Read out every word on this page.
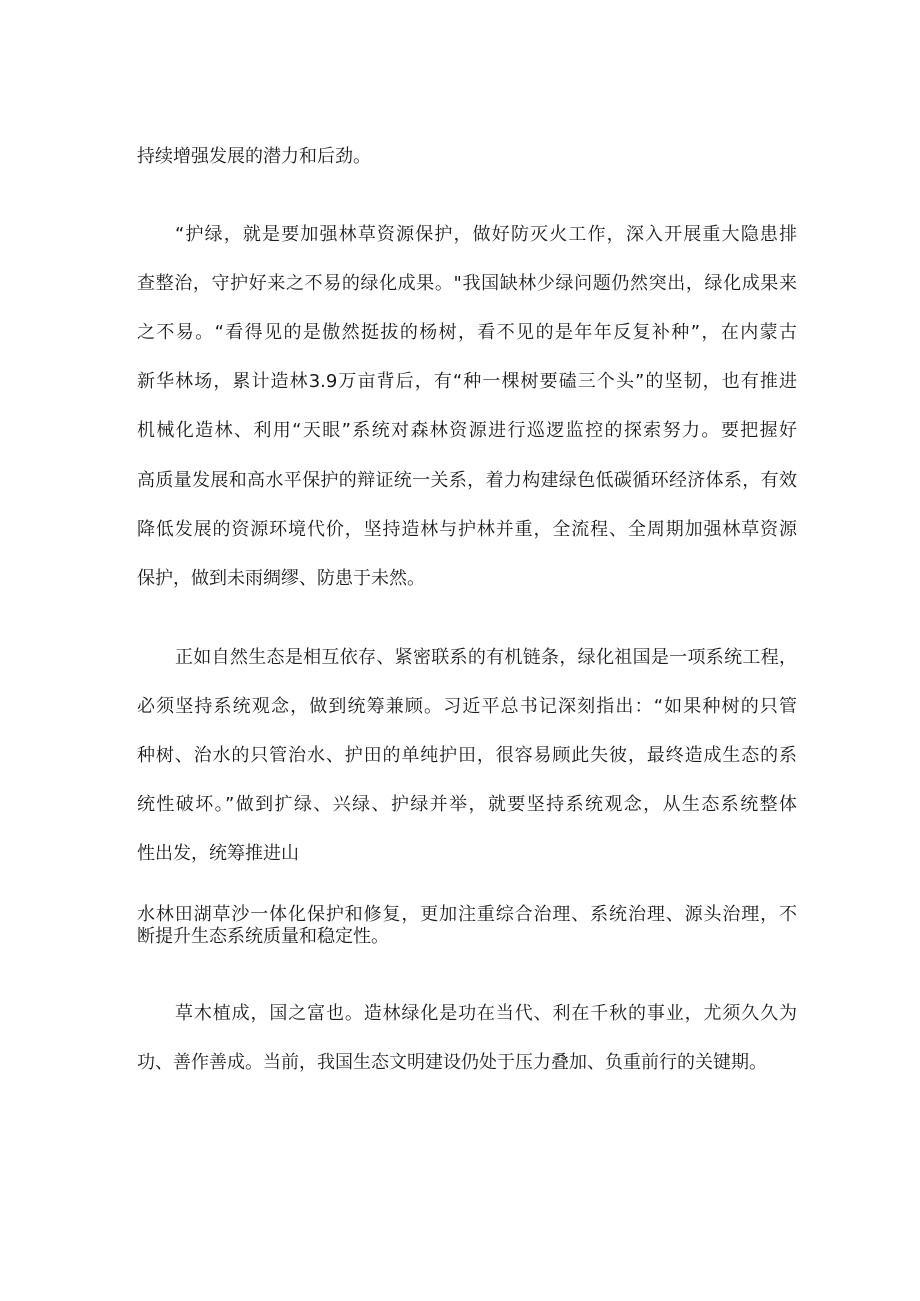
持续增强发展的潜力和后劲。
“护绿，就是要加强林草资源保护，做好防灭火工作，深入开展重大隐患排
查整治，守护好来之不易的绿化成果。"我国缺林少绿问题仍然突出，绿化成果来
之不易。“看得见的是傲然挺拔的杨树，看不见的是年年反复补种”，在内蒙古
新华林场，累计造林3.9万亩背后，有“种一棵树要磕三个头”的坚韧，也有推进
机械化造林、利用“天眼”系统对森林资源进行巡逻监控的探索努力。要把握好
高质量发展和高水平保护的辩证统一关系，着力构建绿色低碳循环经济体系，有效
降低发展的资源环境代价，坚持造林与护林并重，全流程、全周期加强林草资源
保护，做到未雨绸缪、防患于未然。
正如自然生态是相互依存、紧密联系的有机链条，绿化祖国是一项系统工程，
必须坚持系统观念，做到统筹兼顾。习近平总书记深刻指出：“如果种树的只管
种树、治水的只管治水、护田的单纯护田，很容易顾此失彼，最终造成生态的系
统性破坏。”做到扩绿、兴绿、护绿并举，就要坚持系统观念，从生态系统整体
性出发，统筹推进山
水林田湖草沙一体化保护和修复，更加注重综合治理、系统治理、源头治理，不
断提升生态系统质量和稳定性。
草木植成，国之富也。造林绿化是功在当代、利在千秋的事业，尤须久久为
功、善作善成。当前，我国生态文明建设仍处于压力叠加、负重前行的关键期。
